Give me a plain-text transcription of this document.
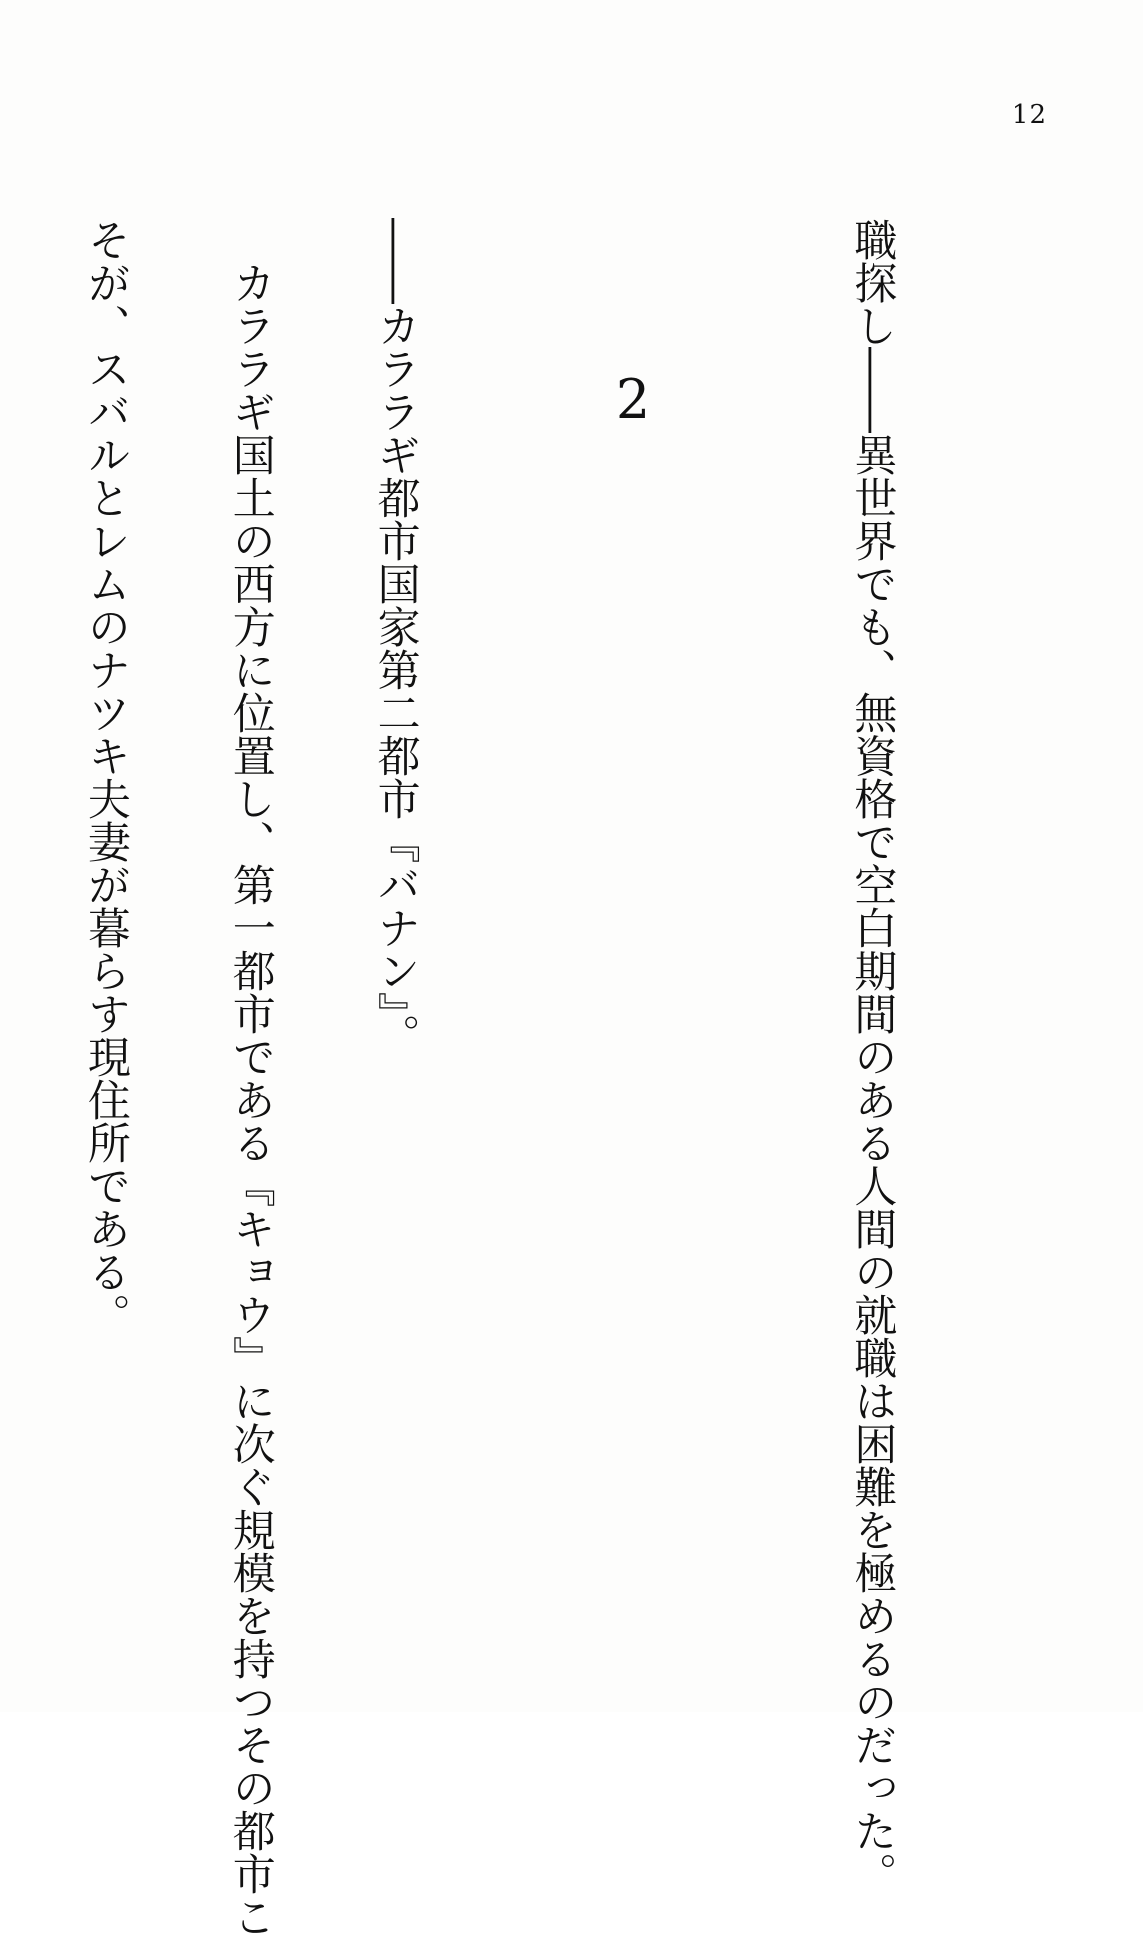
12

職探し――異世界でも、無資格で空白期間のある人間の就職は困難を極めるのだった。

2

――カララギ都市国家第二都市『バナン』。

　カララギ国土の西方に位置し、第一都市である『キョウ』に次ぐ規模を持つその都市こ

そが、スバルとレムのナツキ夫妻が暮らす現住所である。
